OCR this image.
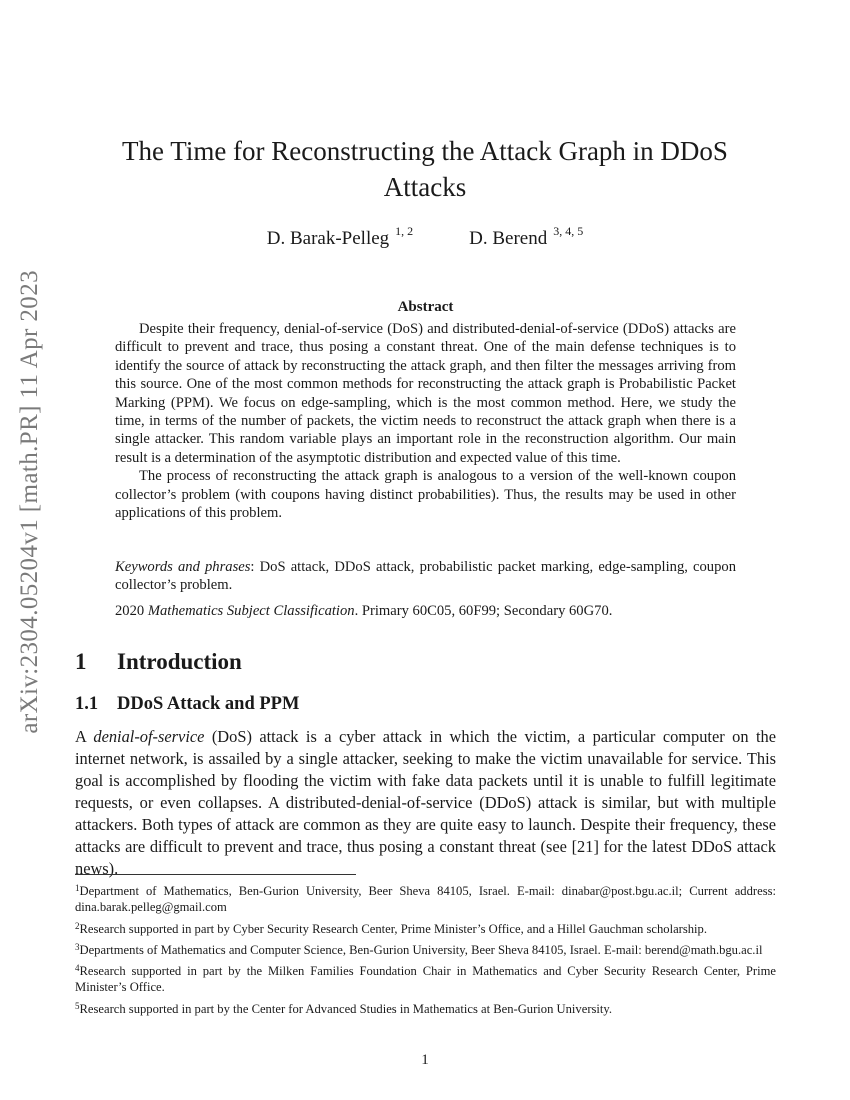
arXiv:2304.05204v1 [math.PR] 11 Apr 2023
The Time for Reconstructing the Attack Graph in DDoS Attacks
D. Barak-Pelleg $^{1, 2}$	D. Berend $^{3, 4, 5}$
Abstract

Despite their frequency, denial-of-service (DoS) and distributed-denial-of-service (DDoS) attacks are difficult to prevent and trace, thus posing a constant threat. One of the main defense techniques is to identify the source of attack by reconstructing the attack graph, and then filter the messages arriving from this source. One of the most common methods for reconstructing the attack graph is Probabilistic Packet Marking (PPM). We focus on edge-sampling, which is the most common method. Here, we study the time, in terms of the number of packets, the victim needs to reconstruct the attack graph when there is a single attacker. This random variable plays an important role in the reconstruction algorithm. Our main result is a determination of the asymptotic distribution and expected value of this time.

The process of reconstructing the attack graph is analogous to a version of the well-known coupon collector’s problem (with coupons having distinct probabilities). Thus, the results may be used in other applications of this problem.

Keywords and phrases: DoS attack, DDoS attack, probabilistic packet marking, edge-sampling, coupon collector’s problem.
2020 Mathematics Subject Classification. Primary 60C05, 60F99; Secondary 60G70.
1 Introduction
1.1 DDoS Attack and PPM
A denial-of-service (DoS) attack is a cyber attack in which the victim, a particular computer on the internet network, is assailed by a single attacker, seeking to make the victim unavailable for service. This goal is accomplished by flooding the victim with fake data packets until it is unable to fulfill legitimate requests, or even collapses. A distributed-denial-of-service (DDoS) attack is similar, but with multiple attackers. Both types of attack are common as they are quite easy to launch. Despite their frequency, these attacks are difficult to prevent and trace, thus posing a constant threat (see [21] for the latest DDoS attack news).

$^1$Department of Mathematics, Ben-Gurion University, Beer Sheva 84105, Israel. E-mail: dinabar@post.bgu.ac.il; Current address: dina.barak.pelleg@gmail.com

$^2$Research supported in part by Cyber Security Research Center, Prime Minister’s Office, and a Hillel Gauchman scholarship.

$^3$Departments of Mathematics and Computer Science, Ben-Gurion University, Beer Sheva 84105, Israel. E-mail: berend@math.bgu.ac.il

$^4$Research supported in part by the Milken Families Foundation Chair in Mathematics and Cyber Security Research Center, Prime Minister’s Office.

$^5$Research supported in part by the Center for Advanced Studies in Mathematics at Ben-Gurion University.

1
